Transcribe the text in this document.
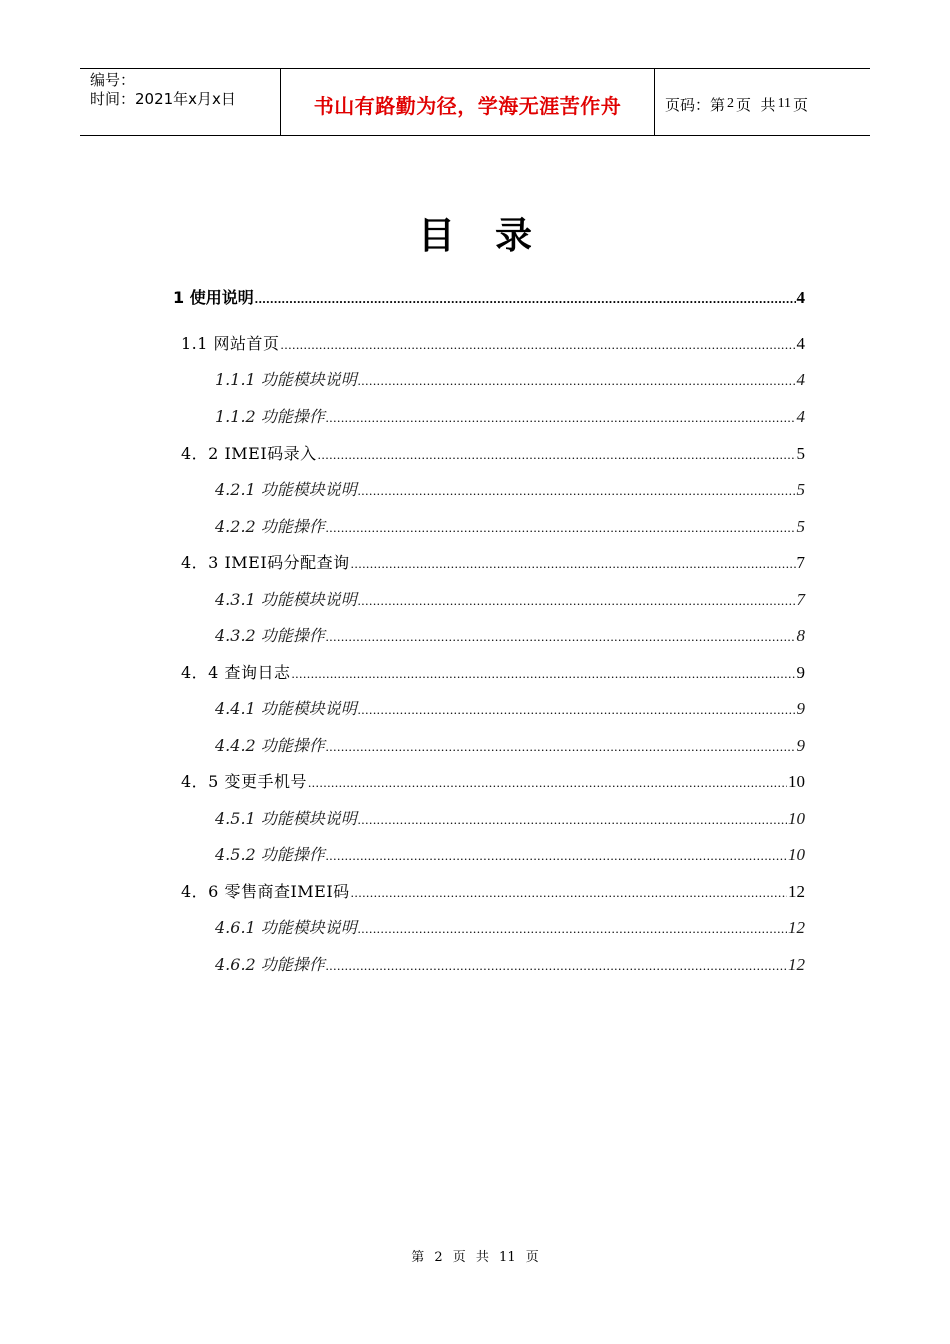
编号：
时间：2021年x月x日	书山有路勤为径，学海无涯苦作舟	页码：第 2 页  共 11 页
目录
1 使用说明 .....	4
1.1 网站首页 .....	4
1.1.1 功能模块说明 .....	4
1.1.2 功能操作 .....	4
4．2 IMEI码录入 .....	5
4.2.1 功能模块说明 .....	5
4.2.2 功能操作 .....	5
4．3 IMEI码分配查询 .....	7
4.3.1 功能模块说明 .....	7
4.3.2 功能操作 .....	8
4．4 查询日志 .....	9
4.4.1 功能模块说明 .....	9
4.4.2 功能操作 .....	9
4．5 变更手机号 .....	10
4.5.1 功能模块说明 .....	10
4.5.2 功能操作 .....	10
4．6 零售商查IMEI码 .....	12
4.6.1 功能模块说明 .....	12
4.6.2 功能操作 .....	12
第 2 页 共 11 页
